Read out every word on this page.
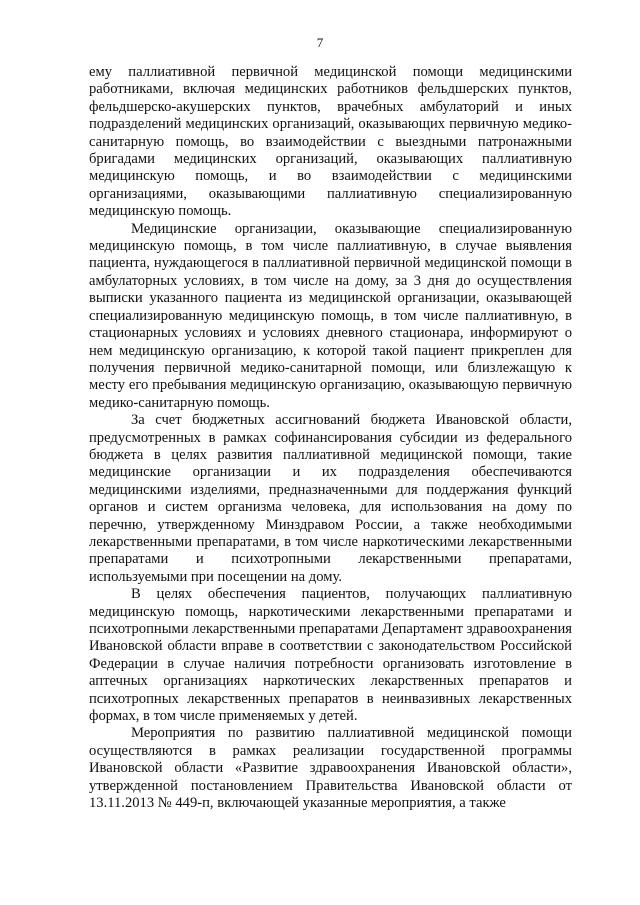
7

ему паллиативной первичной медицинской помощи медицинскими работниками, включая медицинских работников фельдшерских пунктов, фельдшерско-акушерских пунктов, врачебных амбулаторий и иных подразделений медицинских организаций, оказывающих первичную медико-санитарную помощь, во взаимодействии с выездными патронажными бригадами медицинских организаций, оказывающих паллиативную медицинскую помощь, и во взаимодействии с медицинскими организациями, оказывающими паллиативную специализированную медицинскую помощь.

Медицинские организации, оказывающие специализированную медицинскую помощь, в том числе паллиативную, в случае выявления пациента, нуждающегося в паллиативной первичной медицинской помощи в амбулаторных условиях, в том числе на дому, за 3 дня до осуществления выписки указанного пациента из медицинской организации, оказывающей специализированную медицинскую помощь, в том числе паллиативную, в стационарных условиях и условиях дневного стационара, информируют о нем медицинскую организацию, к которой такой пациент прикреплен для получения первичной медико-санитарной помощи, или близлежащую к месту его пребывания медицинскую организацию, оказывающую первичную медико-санитарную помощь.

За счет бюджетных ассигнований бюджета Ивановской области, предусмотренных в рамках софинансирования субсидии из федерального бюджета в целях развития паллиативной медицинской помощи, такие медицинские организации и их подразделения обеспечиваются медицинскими изделиями, предназначенными для поддержания функций органов и систем организма человека, для использования на дому по перечню, утвержденному Минздравом России, а также необходимыми лекарственными препаратами, в том числе наркотическими лекарственными препаратами и психотропными лекарственными препаратами, используемыми при посещении на дому.

В целях обеспечения пациентов, получающих паллиативную медицинскую помощь, наркотическими лекарственными препаратами и психотропными лекарственными препаратами Департамент здравоохранения Ивановской области вправе в соответствии с законодательством Российской Федерации в случае наличия потребности организовать изготовление в аптечных организациях наркотических лекарственных препаратов и психотропных лекарственных препаратов в неинвазивных лекарственных формах, в том числе применяемых у детей.

Мероприятия по развитию паллиативной медицинской помощи осуществляются в рамках реализации государственной программы Ивановской области «Развитие здравоохранения Ивановской области», утвержденной постановлением Правительства Ивановской области от 13.11.2013 № 449-п, включающей указанные мероприятия, а также
